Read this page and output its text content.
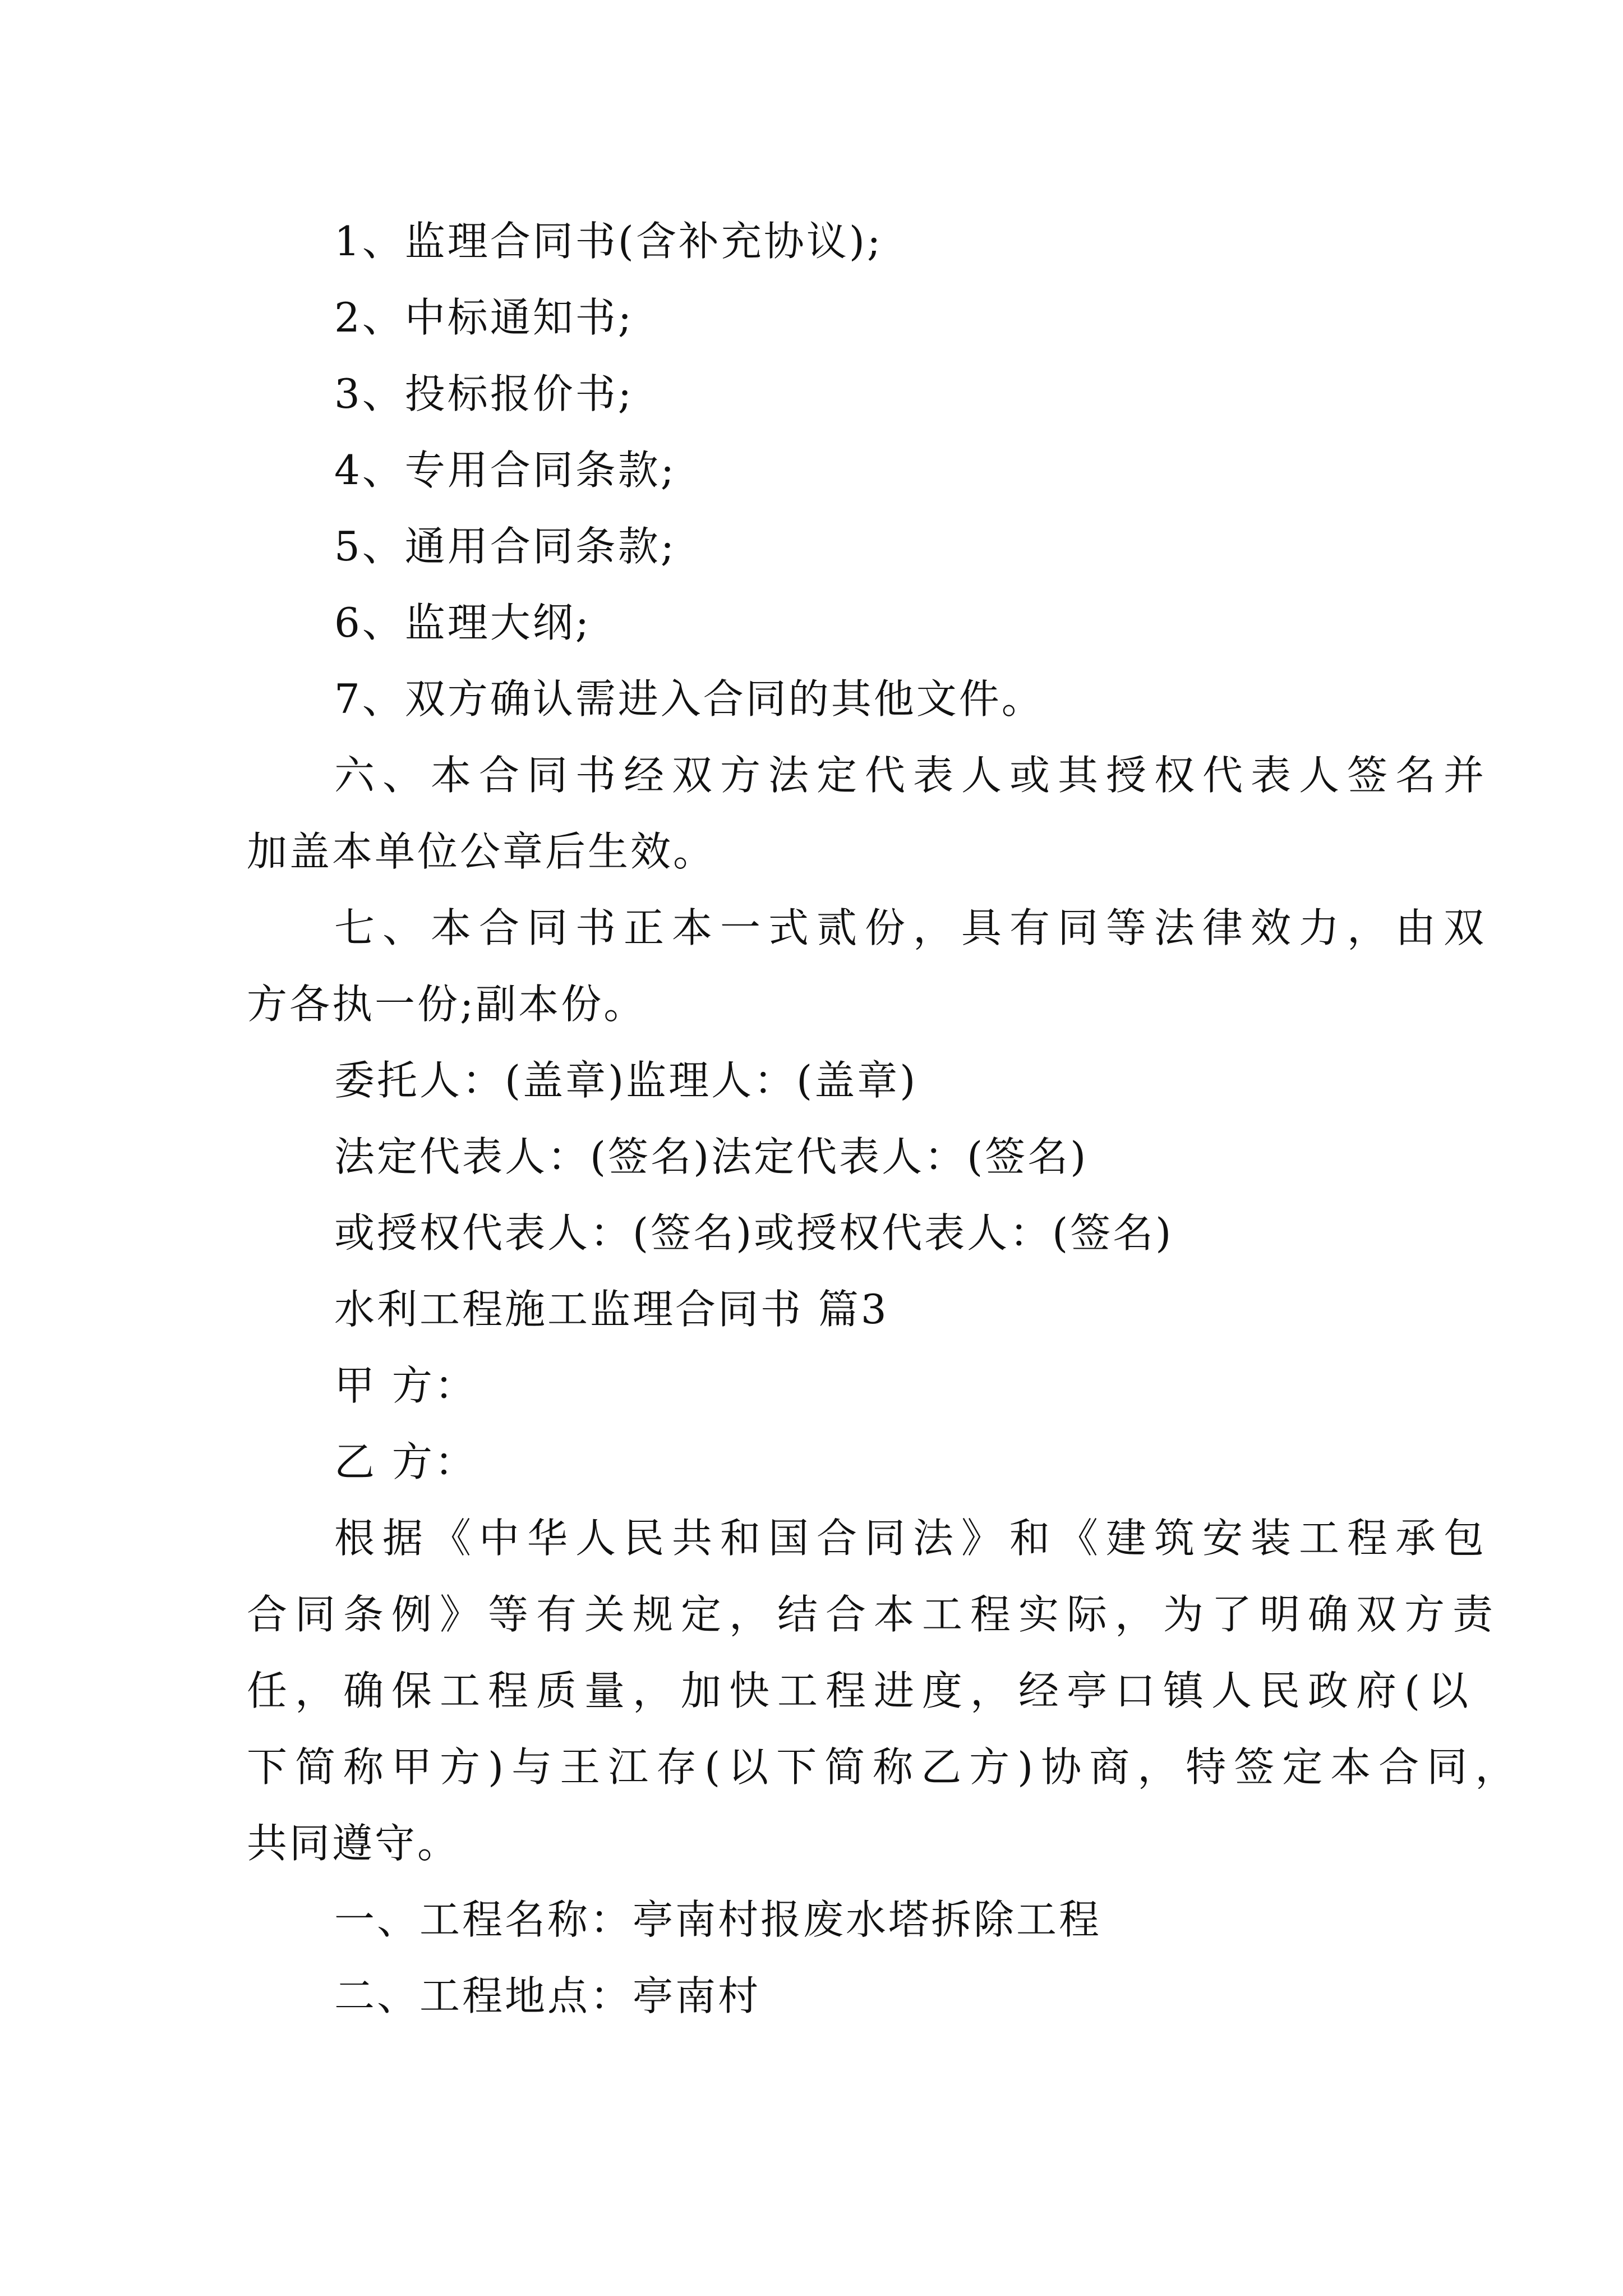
1、监理合同书(含补充协议);
2、中标通知书;
3、投标报价书;
4、专用合同条款;
5、通用合同条款;
6、监理大纲;
7、双方确认需进入合同的其他文件。
六、本合同书经双方法定代表人或其授权代表人签名并
加盖本单位公章后生效。
七、本合同书正本一式贰份，具有同等法律效力，由双
方各执一份;副本份。
委托人：(盖章)监理人：(盖章)
法定代表人：(签名)法定代表人：(签名)
或授权代表人：(签名)或授权代表人：(签名)
水利工程施工监理合同书 篇3
甲 方：
乙 方：
根据《中华人民共和国合同法》和《建筑安装工程承包
合同条例》等有关规定，结合本工程实际，为了明确双方责
任，确保工程质量，加快工程进度，经亭口镇人民政府(以
下简称甲方)与王江存(以下简称乙方)协商，特签定本合同，
共同遵守。
一、工程名称：亭南村报废水塔拆除工程
二、工程地点：亭南村
